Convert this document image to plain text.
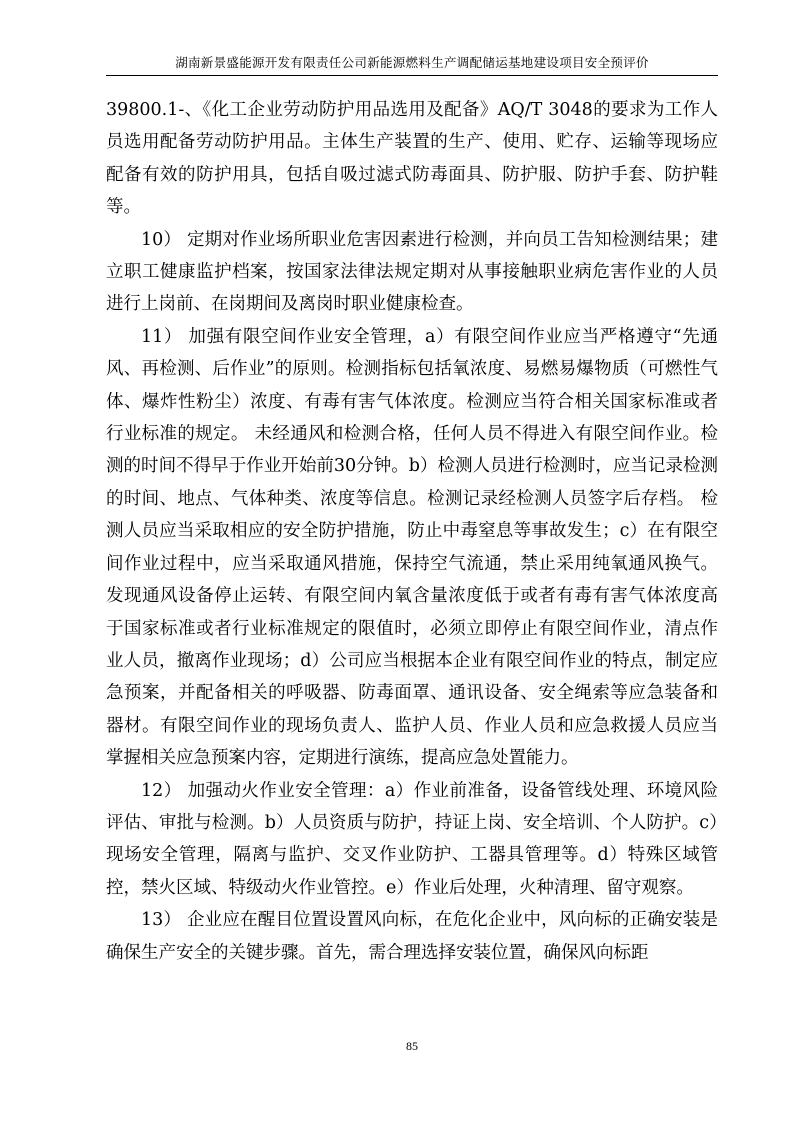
湖南新景盛能源开发有限责任公司新能源燃料生产调配储运基地建设项目安全预评价

39800.1-、《化工企业劳动防护用品选用及配备》AQ/T 3048的要求为工作人员选用配备劳动防护用品。主体生产装置的生产、使用、贮存、运输等现场应配备有效的防护用具，包括自吸过滤式防毒面具、防护服、防护手套、防护鞋等。

10） 定期对作业场所职业危害因素进行检测，并向员工告知检测结果；建立职工健康监护档案，按国家法律法规定期对从事接触职业病危害作业的人员进行上岗前、在岗期间及离岗时职业健康检查。

11） 加强有限空间作业安全管理，a）有限空间作业应当严格遵守“先通风、再检测、后作业”的原则。检测指标包括氧浓度、易燃易爆物质（可燃性气体、爆炸性粉尘）浓度、有毒有害气体浓度。检测应当符合相关国家标准或者行业标准的规定。 未经通风和检测合格，任何人员不得进入有限空间作业。检测的时间不得早于作业开始前30分钟。b）检测人员进行检测时，应当记录检测的时间、地点、气体种类、浓度等信息。检测记录经检测人员签字后存档。 检测人员应当采取相应的安全防护措施，防止中毒窒息等事故发生；c）在有限空间作业过程中，应当采取通风措施，保持空气流通，禁止采用纯氧通风换气。 发现通风设备停止运转、有限空间内氧含量浓度低于或者有毒有害气体浓度高于国家标准或者行业标准规定的限值时，必须立即停止有限空间作业，清点作业人员，撤离作业现场；d）公司应当根据本企业有限空间作业的特点，制定应急预案，并配备相关的呼吸器、防毒面罩、通讯设备、安全绳索等应急装备和器材。有限空间作业的现场负责人、监护人员、作业人员和应急救援人员应当掌握相关应急预案内容，定期进行演练，提高应急处置能力。

12） 加强动火作业安全管理：a）作业前准备，设备管线处理、环境风险评估、审批与检测。b）人员资质与防护，持证上岗、安全培训、个人防护。c）现场安全管理，隔离与监护、交叉作业防护、工器具管理等。d）特殊区域管控，禁火区域、特级动火作业管控。e）作业后处理，火种清理、留守观察。

13） 企业应在醒目位置设置风向标，在危化企业中，风向标的正确安装是确保生产安全的关键步骤。首先，需合理选择安装位置，确保风向标距

85
